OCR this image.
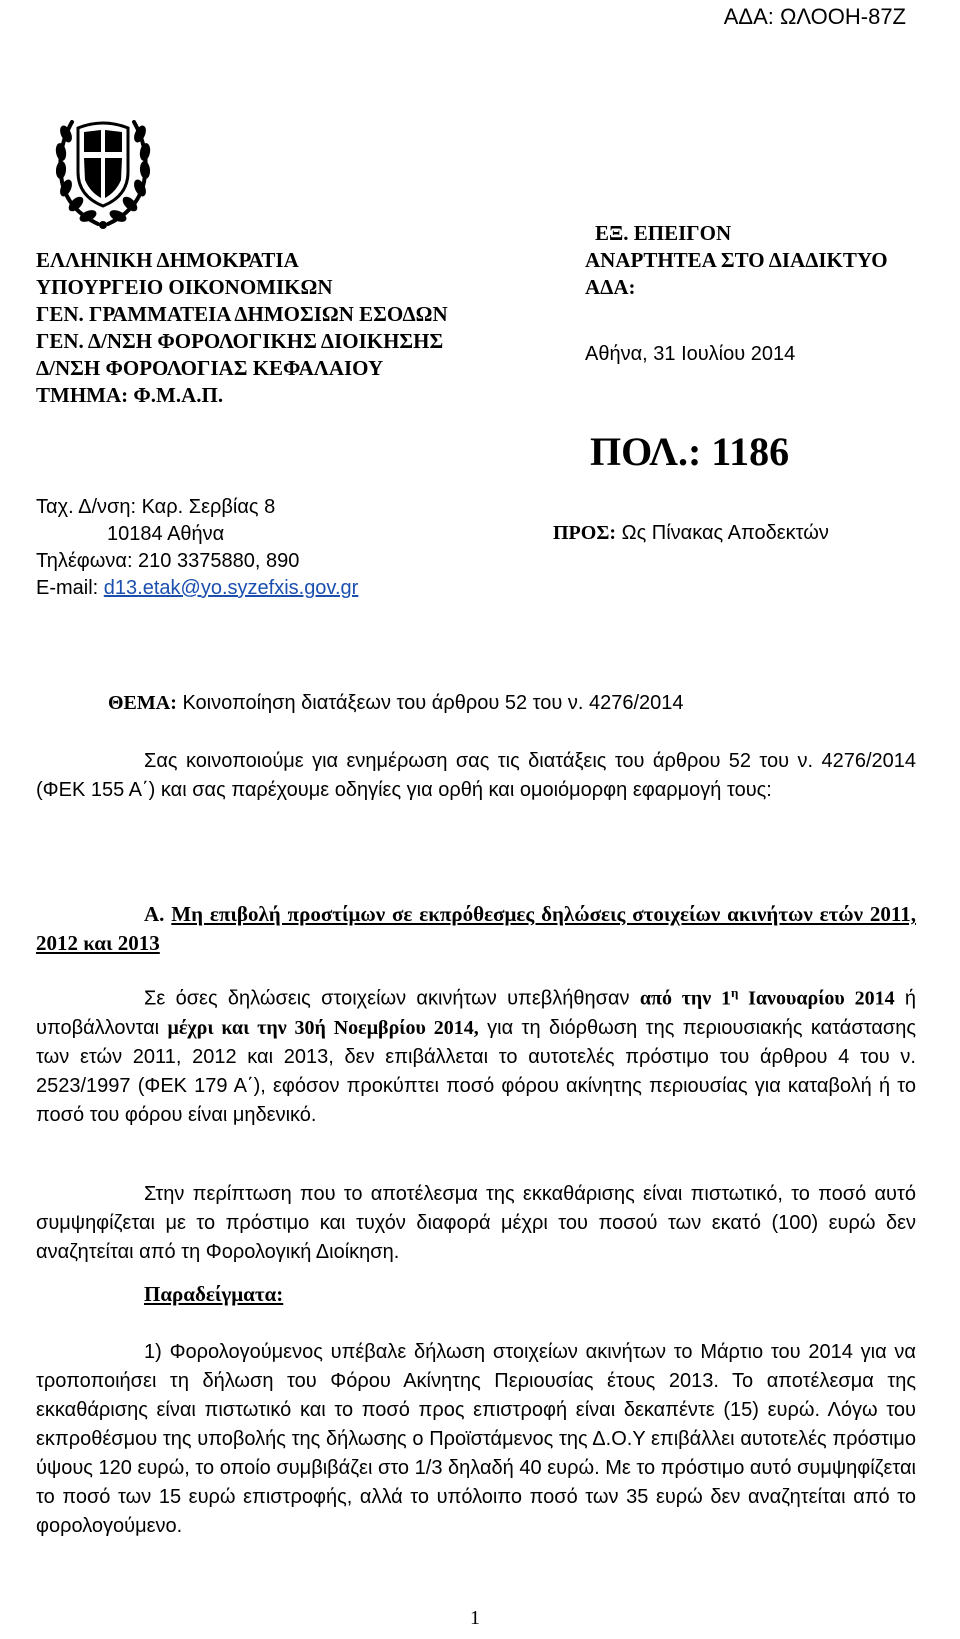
ΑΔΑ: ΩΛΟΟΗ-87Ζ
ΕΛΛΗΝΙΚΗ ΔΗΜΟΚΡΑΤΙΑ
ΥΠΟΥΡΓΕΙΟ ΟΙΚΟΝΟΜΙΚΩΝ
ΓΕΝ. ΓΡΑΜΜΑΤΕΙΑ ΔΗΜΟΣΙΩΝ ΕΣΟΔΩΝ
ΓΕΝ. Δ/ΝΣΗ ΦΟΡΟΛΟΓΙΚΗΣ ΔΙΟΙΚΗΣΗΣ
Δ/ΝΣΗ ΦΟΡΟΛΟΓΙΑΣ ΚΕΦΑΛΑΙΟΥ
ΤΜΗΜΑ: Φ.Μ.Α.Π.
Ταχ. Δ/νση: Καρ. Σερβίας 8
10184 Αθήνα
Τηλέφωνα: 210 3375880, 890
E-mail: d13.etak@yo.syzefxis.gov.gr
ΕΞ. ΕΠΕΙΓΟΝ
ΑΝΑΡΤΗΤΕΑ ΣΤΟ ΔΙΑΔΙΚΤΥΟ
ΑΔΑ:
Αθήνα, 31 Ιουλίου 2014
ΠΟΛ.: 1186
ΠΡΟΣ: Ως Πίνακας Αποδεκτών
ΘΕΜΑ: Κοινοποίηση διατάξεων του άρθρου 52 του ν. 4276/2014

Σας κοινοποιούμε για ενημέρωση σας τις διατάξεις του άρθρου 52 του ν. 4276/2014 (ΦΕΚ 155 Α΄) και σας παρέχουμε οδηγίες για ορθή και ομοιόμορφη εφαρμογή τους:

Α. Μη επιβολή προστίμων σε εκπρόθεσμες δηλώσεις στοιχείων ακινήτων ετών 2011, 2012 και 2013

Σε όσες δηλώσεις στοιχείων ακινήτων υπεβλήθησαν από την $1^\eta$ Ιανουαρίου 2014 ή υποβάλλονται μέχρι και την 30ή Νοεμβρίου 2014, για τη διόρθωση της περιουσιακής κατάστασης των ετών 2011, 2012 και 2013, δεν επιβάλλεται το αυτοτελές πρόστιμο του άρθρου 4 του ν. 2523/1997 (ΦΕΚ 179 Α΄), εφόσον προκύπτει ποσό φόρου ακίνητης περιουσίας για καταβολή ή το ποσό του φόρου είναι μηδενικό.

Στην περίπτωση που το αποτέλεσμα της εκκαθάρισης είναι πιστωτικό, το ποσό αυτό συμψηφίζεται με το πρόστιμο και τυχόν διαφορά μέχρι του ποσού των εκατό (100) ευρώ δεν αναζητείται από τη Φορολογική Διοίκηση.

Παραδείγματα:

1) Φορολογούμενος υπέβαλε δήλωση στοιχείων ακινήτων το Μάρτιο του 2014 για να τροποποιήσει τη δήλωση του Φόρου Ακίνητης Περιουσίας έτους 2013. Το αποτέλεσμα της εκκαθάρισης είναι πιστωτικό και το ποσό προς επιστροφή είναι δεκαπέντε (15) ευρώ. Λόγω του εκπροθέσμου της υποβολής της δήλωσης ο Προϊστάμενος της Δ.Ο.Υ επιβάλλει αυτοτελές πρόστιμο ύψους 120 ευρώ, το οποίο συμβιβάζει στο 1/3 δηλαδή 40 ευρώ. Με το πρόστιμο αυτό συμψηφίζεται το ποσό των 15 ευρώ επιστροφής, αλλά το υπόλοιπο ποσό των 35 ευρώ δεν αναζητείται από το φορολογούμενο.

1
